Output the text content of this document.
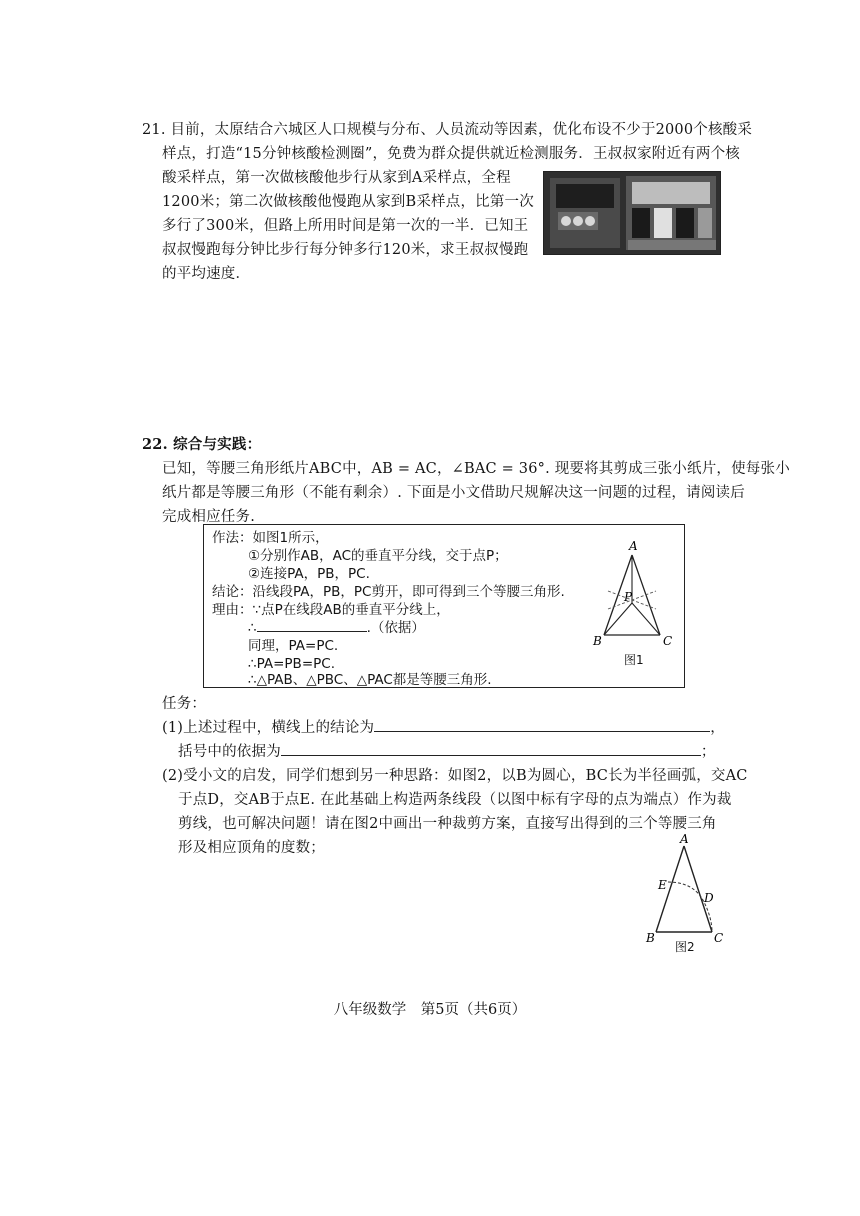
21. 目前，太原结合六城区人口规模与分布、人员流动等因素，优化布设不少于2000个核酸采
样点，打造“15分钟核酸检测圈”，免费为群众提供就近检测服务．王叔叔家附近有两个核
酸采样点，第一次做核酸他步行从家到A采样点，全程
1200米；第二次做核酸他慢跑从家到B采样点，比第一次
多行了300米，但路上所用时间是第一次的一半．已知王
叔叔慢跑每分钟比步行每分钟多行120米，求王叔叔慢跑
的平均速度．
22. 综合与实践：
已知，等腰三角形纸片ABC中，AB = AC，∠BAC = 36°. 现要将其剪成三张小纸片，使每张小
纸片都是等腰三角形（不能有剩余）. 下面是小文借助尺规解决这一问题的过程，请阅读后
完成相应任务.
作法：如图1所示，
①分别作AB，AC的垂直平分线，交于点P；
②连接PA，PB，PC.
结论：沿线段PA，PB，PC剪开，即可得到三个等腰三角形.
理由：∵点P在线段AB的垂直平分线上，
∴	.（依据）
同理，PA=PC.
∴PA=PB=PC.
∴△PAB、△PBC、△PAC都是等腰三角形.
A
B	C
P
图1
任务：
(1)上述过程中，横线上的结论为	，
括号中的依据为	；
(2)受小文的启发，同学们想到另一种思路：如图2，以B为圆心，BC长为半径画弧，交AC
于点D，交AB于点E. 在此基础上构造两条线段（以图中标有字母的点为端点）作为裁
剪线，也可解决问题！请在图2中画出一种裁剪方案，直接写出得到的三个等腰三角
形及相应顶角的度数；
A
B	C
D
E
图2
八年级数学　第5页（共6页）
